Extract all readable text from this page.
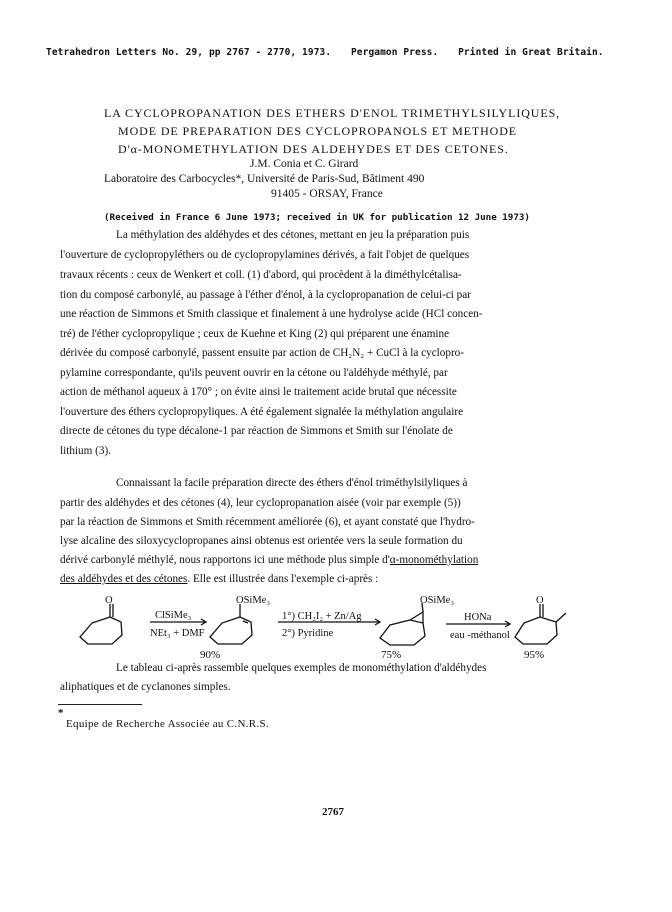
Tetrahedron Letters No. 29, pp 2767 - 2770, 1973. Pergamon Press. Printed in Great Britain.
LA CYCLOPROPANATION DES ETHERS D'ENOL TRIMETHYLSILYLIQUES,
MODE DE PREPARATION DES CYCLOPROPANOLS ET METHODE
D'α-MONOMETHYLATION DES ALDEHYDES ET DES CETONES.
J.M. Conia et C. Girard
Laboratoire des Carbocycles*, Université de Paris-Sud, Bâtiment 490
91405 - ORSAY, France
(Received in France 6 June 1973; received in UK for publication 12 June 1973)
La méthylation des aldéhydes et des cétones, mettant en jeu la préparation puis
l'ouverture de cyclopropyléthers ou de cyclopropylamines dérivés, a fait l'objet de quelques
travaux récents : ceux de Wenkert et coll. (1) d'abord, qui procèdent à la diméthylcétalisa-
tion du composé carbonylé, au passage à l'éther d'énol, à la cyclopropanation de celui-ci par
une réaction de Simmons et Smith classique et finalement à une hydrolyse acide (HCl concen-
tré) de l'éther cyclopropylique ; ceux de Kuehne et King (2) qui préparent une énamine
dérivée du composé carbonylé, passent ensuite par action de CH₂N₂ + CuCl à la cyclopro-
pylamine correspondante, qu'ils peuvent ouvrir en la cétone ou l'aldéhyde méthylé, par
action de méthanol aqueux à 170° ; on évite ainsi le traitement acide brutal que nécessite
l'ouverture des éthers cyclopropyliques. A été également signalée la méthylation angulaire
directe de cétones du type décalone-1 par réaction de Simmons et Smith sur l'énolate de
lithium (3).
Connaissant la facile préparation directe des éthers d'énol triméthylsilyliques à
partir des aldéhydes et des cétones (4), leur cyclopropanation aisée (voir par exemple (5))
par la réaction de Simmons et Smith récemment améliorée (6), et ayant constaté que l'hydro-
lyse alcaline des siloxycyclopropanes ainsi obtenus est orientée vers la seule formation du
dérivé carbonylé méthylé, nous rapportons ici une méthode plus simple d'α-monométhylation
des aldéhydes et des cétones. Elle est illustrée dans l'exemple ci-après :
O
ClSiMe₃
NEt₃ + DMF
OSiMe₃
1°) CH₂I₂ + Zn/Ag
2°) Pyridine
OSiMe₃
HONa
eau -méthanol
O
90%	75%	95%
Le tableau ci-après rassemble quelques exemples de monométhylation d'aldéhydes
aliphatiques et de cyclanones simples.
*
Equipe de Recherche Associée au C.N.R.S.
2767
